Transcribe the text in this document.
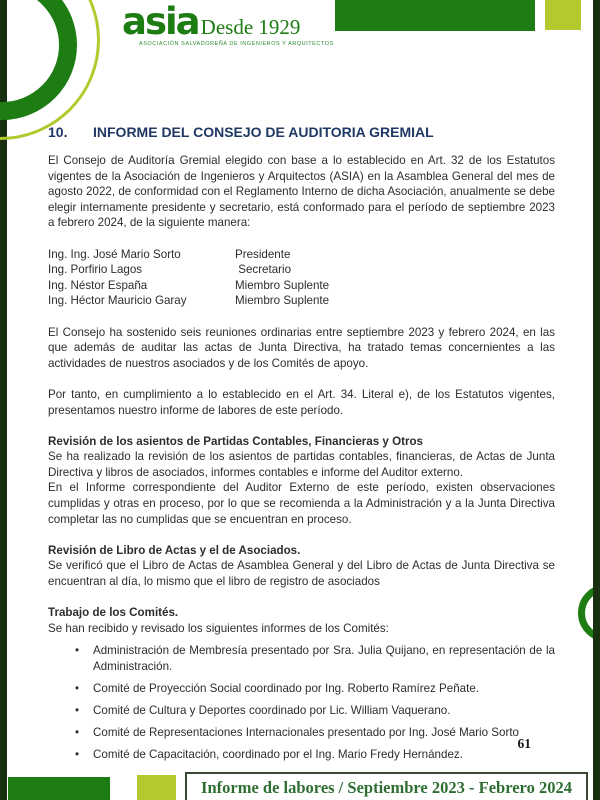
asia Desde 1929
ASOCIACIÓN SALVADOREÑA DE INGENIEROS Y ARQUITECTOS
10.	INFORME DEL CONSEJO DE AUDITORIA GREMIAL

El Consejo de Auditoría Gremial elegido con base a lo establecido en Art. 32 de los Estatutos vigentes de la Asociación de Ingenieros y Arquitectos (ASIA) en la Asamblea General del mes de agosto 2022, de conformidad con el Reglamento Interno de dicha Asociación, anualmente se debe elegir internamente presidente y secretario, está conformado para el período de septiembre 2023 a febrero 2024, de la siguiente manera:

Ing. Ing. José Mario Sorto	Presidente
Ing. Porfirio Lagos	Secretario
Ing. Néstor España	Miembro Suplente
Ing. Héctor Mauricio Garay	Miembro Suplente

El Consejo ha sostenido seis reuniones ordinarias entre septiembre 2023 y febrero 2024, en las que además de auditar las actas de Junta Directiva, ha tratado temas concernientes a las actividades de nuestros asociados y de los Comités de apoyo.

Por tanto, en cumplimiento a lo establecido en el Art. 34. Literal e), de los Estatutos vigentes, presentamos nuestro informe de labores de este período.

Revisión de los asientos de Partidas Contables, Financieras y Otros

Se ha realizado la revisión de los asientos de partidas contables, financieras, de Actas de Junta Directiva y libros de asociados, informes contables e informe del Auditor externo.

En el Informe correspondiente del Auditor Externo de este período, existen observaciones cumplidas y otras en proceso, por lo que se recomienda a la Administración y a la Junta Directiva completar las no cumplidas que se encuentran en proceso.

Revisión de Libro de Actas y el de Asociados.

Se verificó que el Libro de Actas de Asamblea General y del Libro de Actas de Junta Directiva se encuentran al día, lo mismo que el libro de registro de asociados

Trabajo de los Comités.

Se han recibido y revisado los siguientes informes de los Comités:

• Administración de Membresía presentado por Sra. Julia Quijano, en representación de la Administración.
• Comité de Proyección Social coordinado por Ing. Roberto Ramírez Peñate.
• Comité de Cultura y Deportes coordinado por Lic. William Vaquerano.
• Comité de Representaciones Internacionales presentado por Ing. José Mario Sorto
• Comité de Capacitación, coordinado por el Ing. Mario Fredy Hernández.
61
Informe de labores / Septiembre 2023 - Febrero 2024
